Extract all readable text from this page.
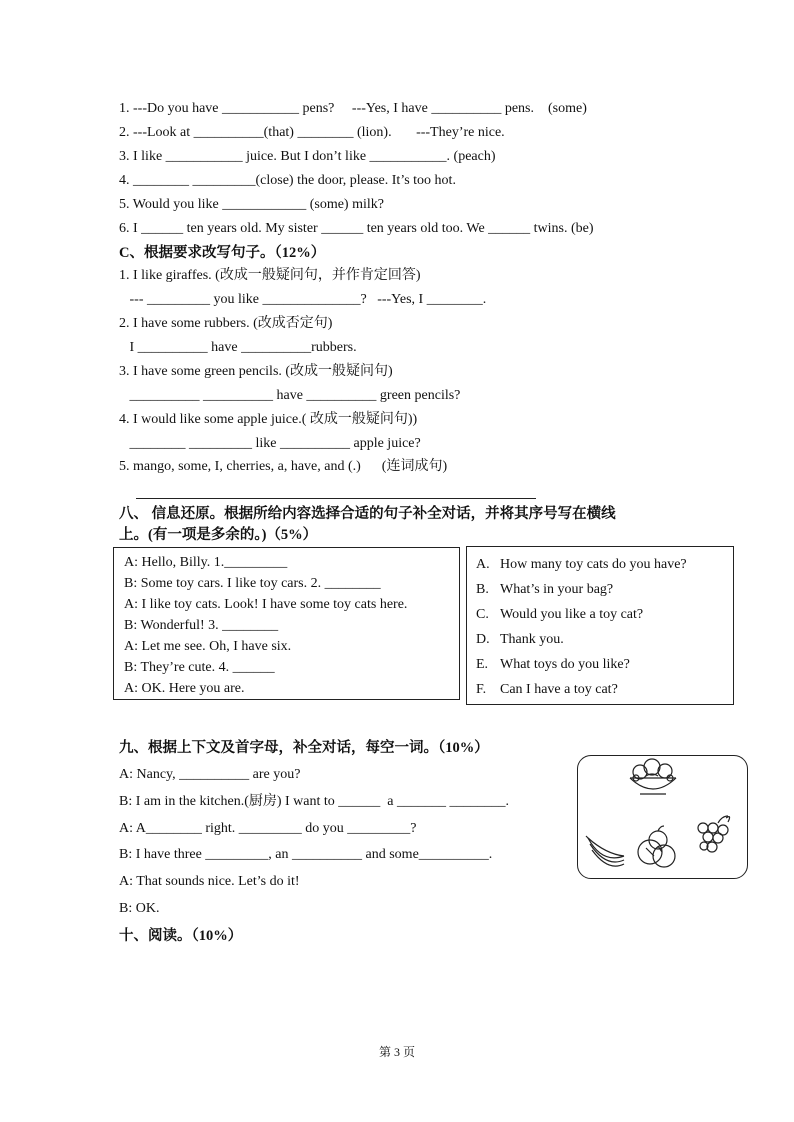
1. ---Do you have ___________ pens?     ---Yes, I have __________ pens.    (some)
2. ---Look at __________(that) ________ (lion).       ---They’re nice.
3. I like ___________ juice. But I don’t like ___________. (peach)
4. ________ _________(close) the door, please. It’s too hot.
5. Would you like ____________ (some) milk?
6. I ______ ten years old. My sister ______ ten years old too. We ______ twins. (be)
C、根据要求改写句子。（12%）
1. I like giraffes. (改成一般疑问句，并作肯定回答)
--- _________ you like ______________?   ---Yes, I ________.
2. I have some rubbers. (改成否定句)
I __________ have __________rubbers.
3. I have some green pencils. (改成一般疑问句)
__________ __________ have __________ green pencils?
4. I would like some apple juice.( 改成一般疑问句))
________ _________ like __________ apple juice?
5. mango, some, I, cherries, a, have, and (.)      (连词成句)
八、 信息还原。根据所给内容选择合适的句子补全对话，并将其序号写在横线
上。(有一项是多余的。)（5%）
A: Hello, Billy. 1._________
B: Some toy cars. I like toy cars. 2. ________
A: I like toy cats. Look! I have some toy cats here.
B: Wonderful! 3. ________
A: Let me see. Oh, I have six.
B: They’re cute. 4. ______
A: OK. Here you are.
A. How many toy cats do you have?
B. What’s in your bag?
C. Would you like a toy cat?
D. Thank you.
E. What toys do you like?
F. Can I have a toy cat?
九、根据上下文及首字母，补全对话，每空一词。（10%）
A: Nancy, __________ are you?
B: I am in the kitchen.(厨房) I want to ______  a _______ ________.
A: A________ right. _________ do you _________?
B: I have three _________, an __________ and some__________.
A: That sounds nice. Let’s do it!
B: OK.
十、阅读。（10%）
第 3 页
